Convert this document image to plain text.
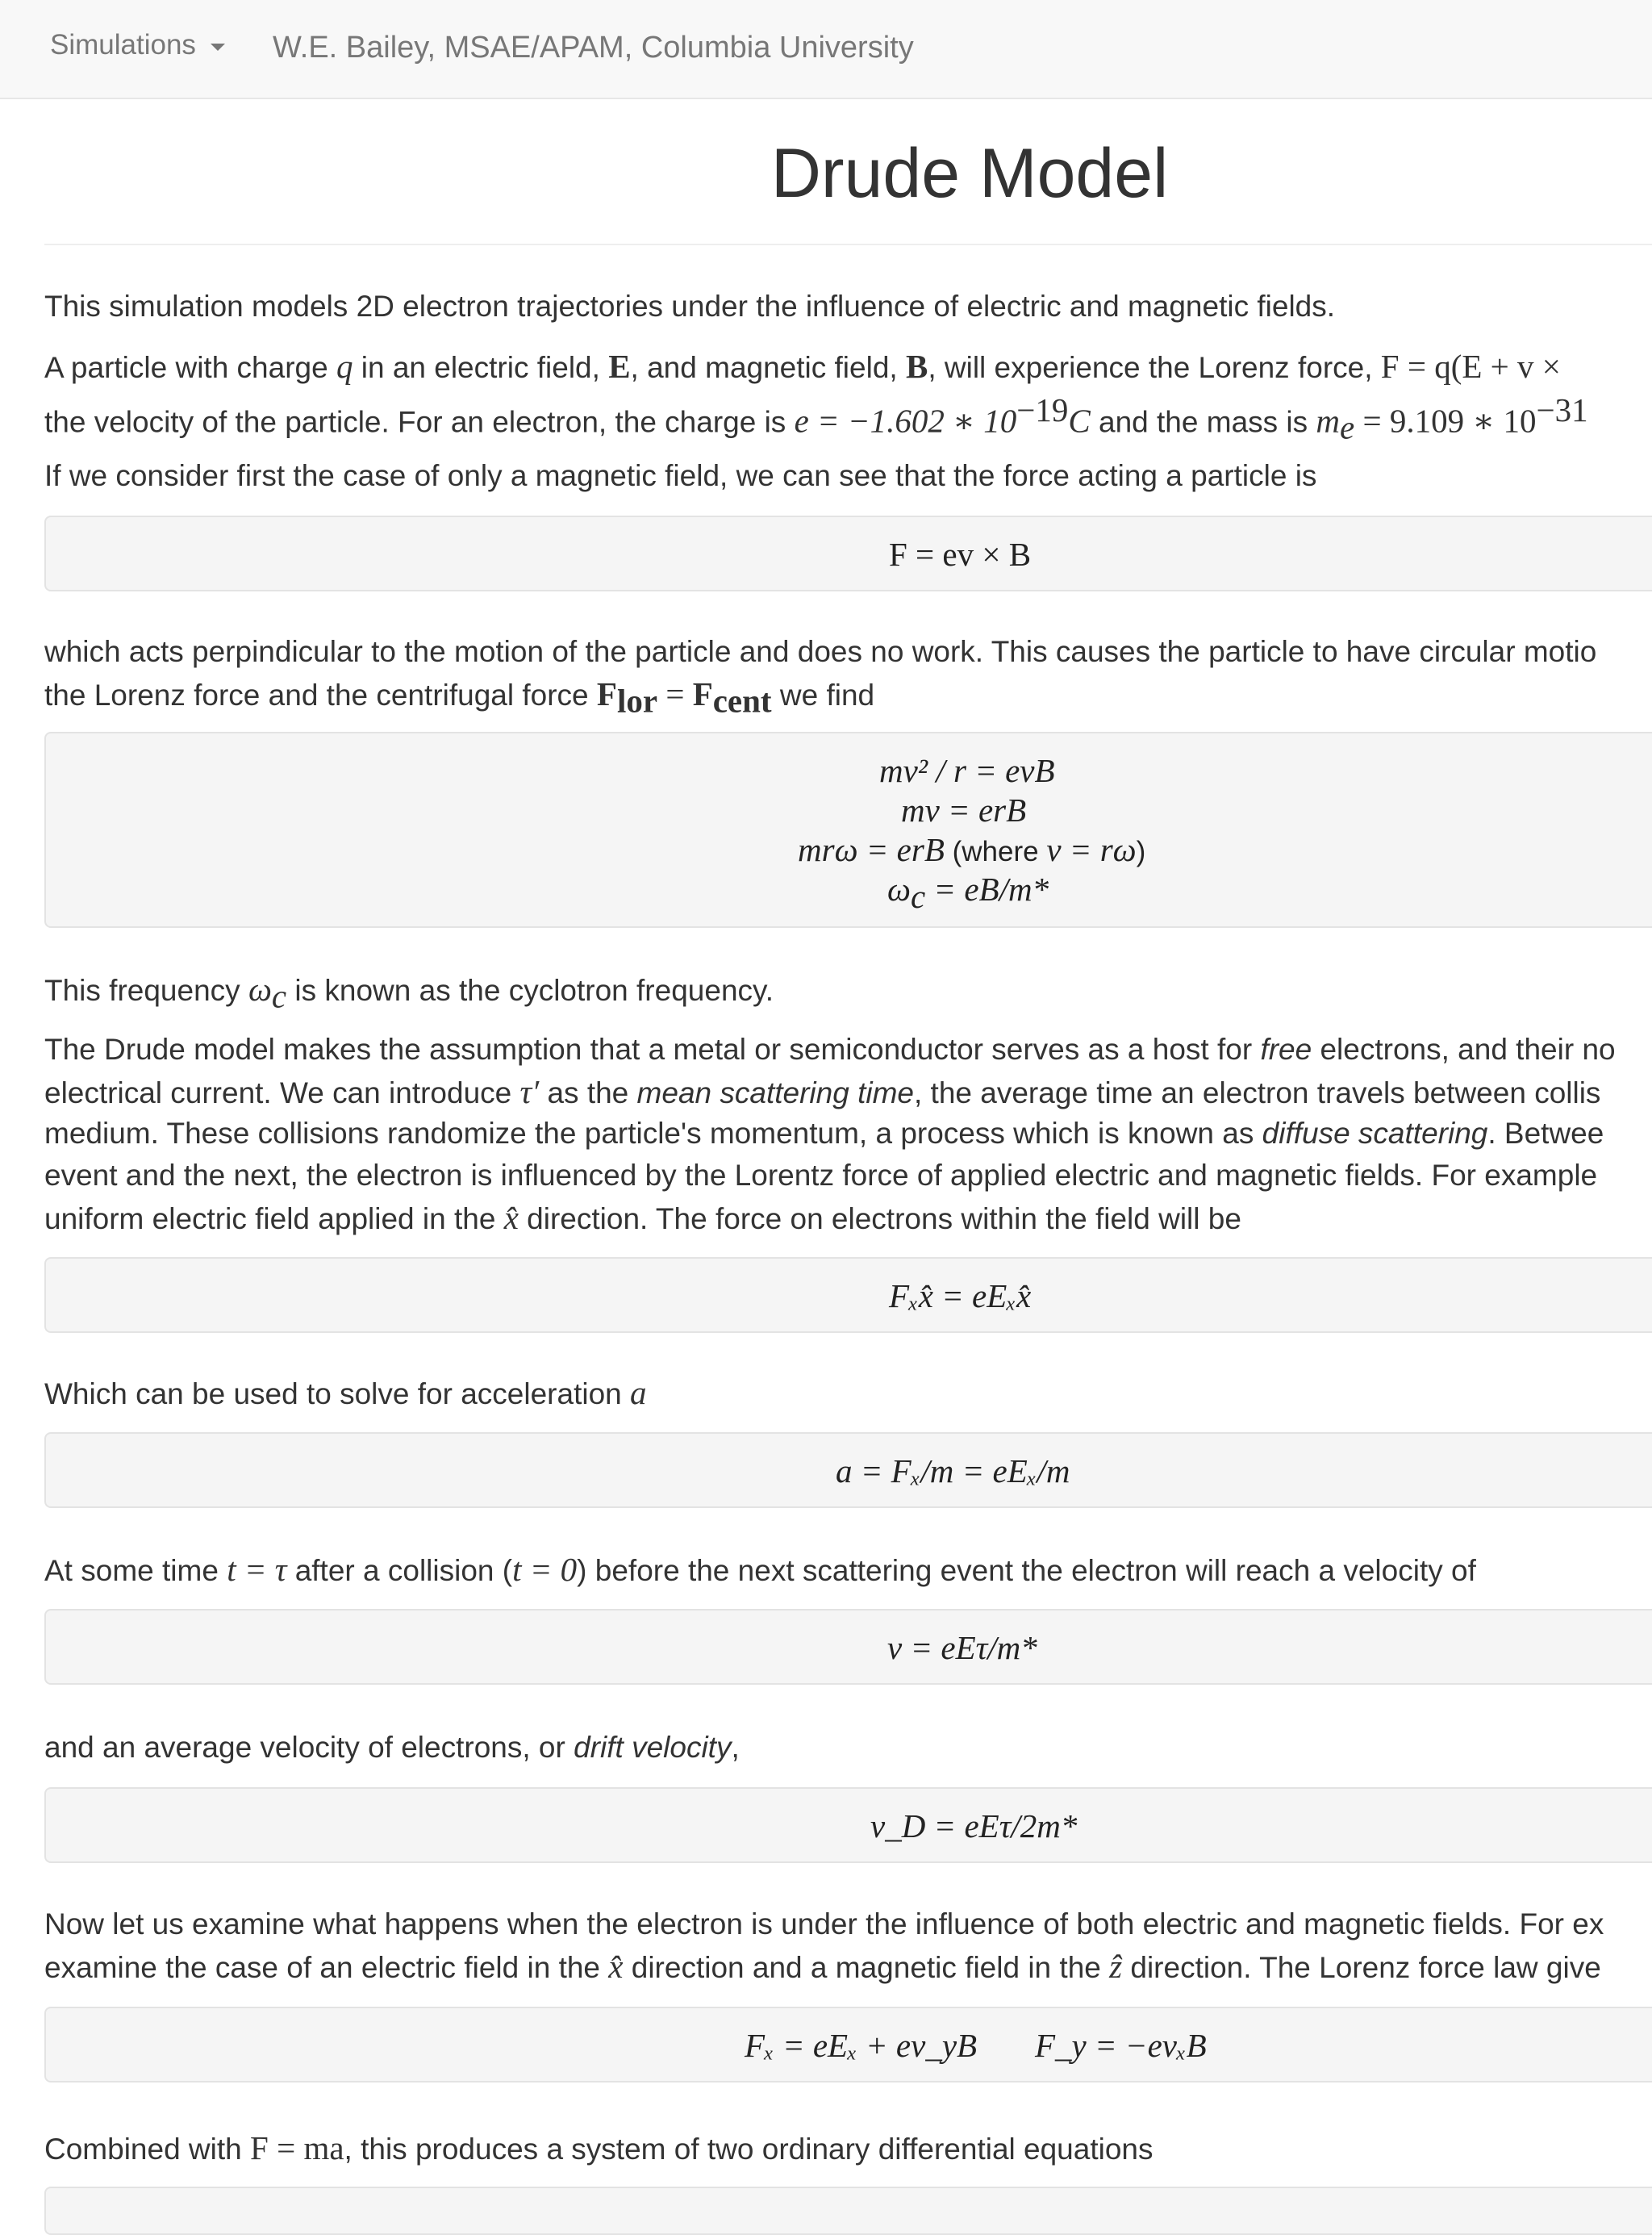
Simulations	W.E. Bailey, MSAE/APAM, Columbia University
Drude Model
This simulation models 2D electron trajectories under the influence of electric and magnetic fields.
A particle with charge q in an electric field, E, and magnetic field, B, will experience the Lorenz force, F = q(E + v ×
the velocity of the particle. For an electron, the charge is e = −1.602 ∗ $10^{-19}C$ and the mass is $m_e = 9.109$ ∗ $10^{-31}$
If we consider first the case of only a magnetic field, we can see that the force acting a particle is
F = ev × B
which acts perpindicular to the motion of the particle and does no work. This causes the particle to have circular motio
the Lorenz force and the centrifugal force $F_{lor} = F_{cent}$ we find
mv² / r = evB
mv = erB
mrω = erB (where v = rω)
$\omega_c = eB/m*$
This frequency $\omega_c$ is known as the cyclotron frequency.
The Drude model makes the assumption that a metal or semiconductor serves as a host for free electrons, and their no
electrical current. We can introduce τ′ as the mean scattering time, the average time an electron travels between collis
medium. These collisions randomize the particle's momentum, a process which is known as diffuse scattering. Betwee
event and the next, the electron is influenced by the Lorentz force of applied electric and magnetic fields. For example
uniform electric field applied in the x̂ direction. The force on electrons within the field will be
Fₓx̂ = eEₓx̂
Which can be used to solve for acceleration a
a = Fₓ/m = eEₓ/m
At some time t = τ after a collision (t = 0) before the next scattering event the electron will reach a velocity of
v = eEτ/m*
and an average velocity of electrons, or drift velocity,
v_D = eEτ/2m*
Now let us examine what happens when the electron is under the influence of both electric and magnetic fields. For ex
examine the case of an electric field in the x̂ direction and a magnetic field in the ẑ direction. The Lorenz force law give
Fₓ = eEₓ + ev_yB F_y = −evₓB
Combined with F = ma, this produces a system of two ordinary differential equations
